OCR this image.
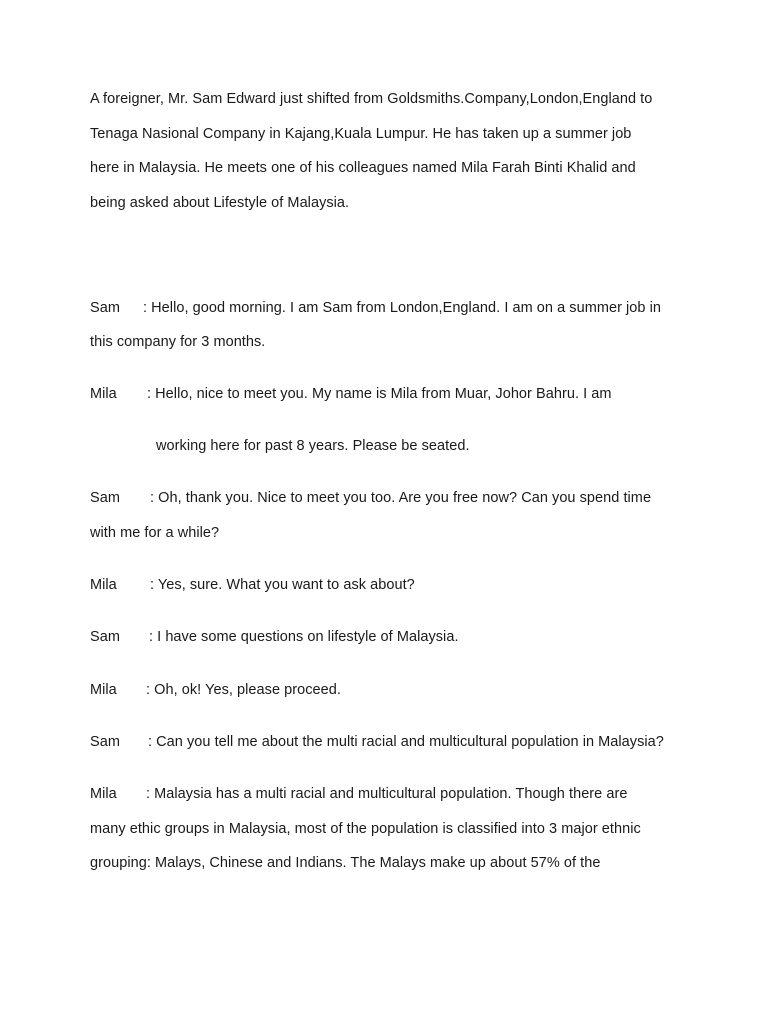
A foreigner, Mr. Sam Edward just shifted from Goldsmiths.Company,London,England to
Tenaga Nasional Company in Kajang,Kuala Lumpur. He has taken up a summer job
here in Malaysia. He meets one of his colleagues named Mila Farah Binti Khalid and
being asked about Lifestyle of Malaysia.
Sam : Hello, good morning. I am Sam from London,England. I am on a summer job in
this company for 3 months.
Mila : Hello, nice to meet you. My name is Mila from Muar, Johor Bahru. I am
working here for past 8 years. Please be seated.
Sam : Oh, thank you. Nice to meet you too. Are you free now? Can you spend time
with me for a while?
Mila : Yes, sure. What you want to ask about?
Sam : I have some questions on lifestyle of Malaysia.
Mila : Oh, ok! Yes, please proceed.
Sam : Can you tell me about the multi racial and multicultural population in Malaysia?
Mila : Malaysia has a multi racial and multicultural population. Though there are
many ethic groups in Malaysia, most of the population is classified into 3 major ethnic
grouping: Malays, Chinese and Indians. The Malays make up about 57% of the
